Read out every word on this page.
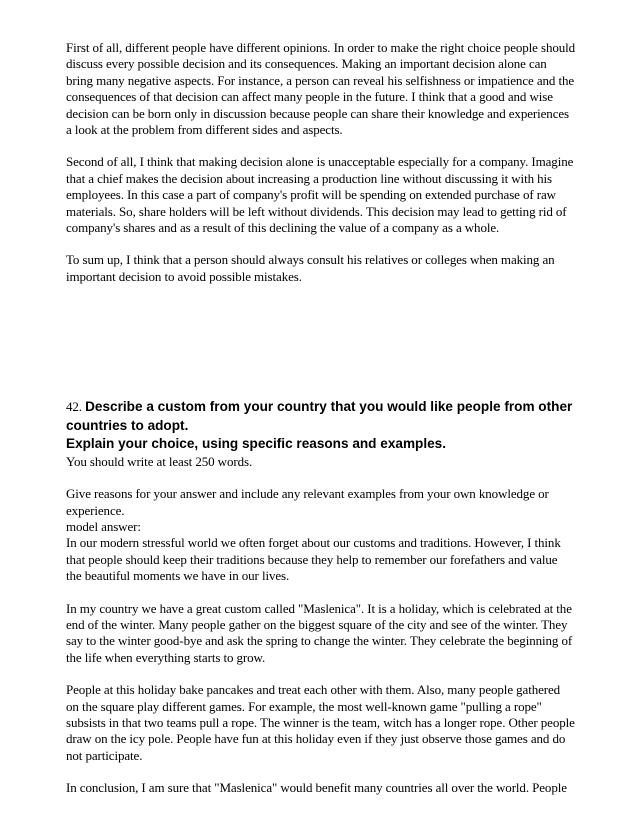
First of all, different people have different opinions. In order to make the right choice people should discuss every possible decision and its consequences. Making an important decision alone can bring many negative aspects. For instance, a person can reveal his selfishness or impatience and the consequences of that decision can affect many people in the future. I think that a good and wise decision can be born only in discussion because people can share their knowledge and experiences a look at the problem from different sides and aspects.

Second of all, I think that making decision alone is unacceptable especially for a company. Imagine that a chief makes the decision about increasing a production line without discussing it with his employees. In this case a part of company's profit will be spending on extended purchase of raw materials. So, share holders will be left without dividends. This decision may lead to getting rid of company's shares and as a result of this declining the value of a company as a whole.

To sum up, I think that a person should always consult his relatives or colleges when making an important decision to avoid possible mistakes.

42. Describe a custom from your country that you would like people from other countries to adopt.
Explain your choice, using specific reasons and examples.

You should write at least 250 words.

Give reasons for your answer and include any relevant examples from your own knowledge or experience.

model answer:

In our modern stressful world we often forget about our customs and traditions. However, I think that people should keep their traditions because they help to remember our forefathers and value the beautiful moments we have in our lives.

In my country we have a great custom called "Maslenica". It is a holiday, which is celebrated at the end of the winter. Many people gather on the biggest square of the city and see of the winter. They say to the winter good-bye and ask the spring to change the winter. They celebrate the beginning of the life when everything starts to grow.

People at this holiday bake pancakes and treat each other with them. Also, many people gathered on the square play different games. For example, the most well-known game "pulling a rope" subsists in that two teams pull a rope. The winner is the team, witch has a longer rope. Other people draw on the icy pole. People have fun at this holiday even if they just observe those games and do not participate.

In conclusion, I am sure that "Maslenica" would benefit many countries all over the world. People
